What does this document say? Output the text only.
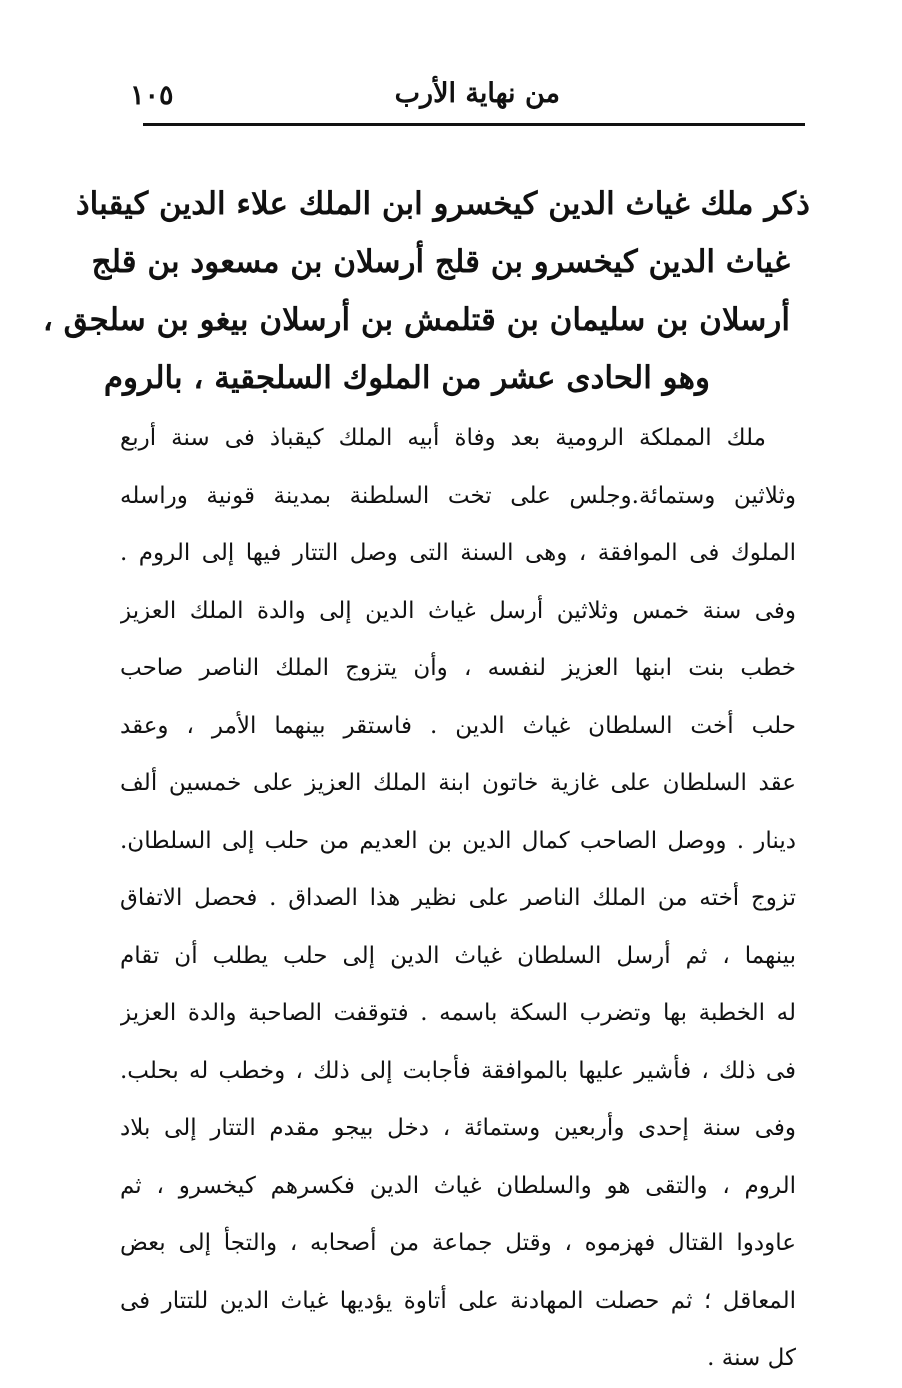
من نهاية الأرب
١٠٥
ذكر ملك غياث الدين كيخسرو ابن الملك علاء الدين كيقباذ
غياث الدين كيخسرو بن قلج أرسلان بن مسعود بن قلج
أرسلان بن سليمان بن قتلمش بن أرسلان بيغو بن سلجق ،
وهو الحادى عشر من الملوك السلجقية ، بالروم
ملك المملكة الرومية بعد وفاة أبيه الملك كيقباذ فى سنة أربع
وثلاثين وستمائة.وجلس على تخت السلطنة بمدينة قونية وراسله
الملوك فى الموافقة ، وهى السنة التى وصل التتار فيها إلى الروم .
وفى سنة خمس وثلاثين أرسل غياث الدين إلى والدة الملك العزيز
خطب بنت ابنها العزيز لنفسه ، وأن يتزوج الملك الناصر صاحب
حلب أخت السلطان غياث الدين . فاستقر بينهما الأمر ، وعقد
عقد السلطان على غازية خاتون ابنة الملك العزيز على خمسين ألف
دينار . ووصل الصاحب كمال الدين بن العديم من حلب إلى السلطان.
تزوج أخته من الملك الناصر على نظير هذا الصداق . فحصل الاتفاق
بينهما ، ثم أرسل السلطان غياث الدين إلى حلب يطلب أن تقام
له الخطبة بها وتضرب السكة باسمه . فتوقفت الصاحبة والدة العزيز
فى ذلك ، فأشير عليها بالموافقة فأجابت إلى ذلك ، وخطب له بحلب.
وفى سنة إحدى وأربعين وستمائة ، دخل بيجو مقدم التتار إلى بلاد
الروم ، والتقى هو والسلطان غياث الدين فكسرهم كيخسرو ، ثم
عاودوا القتال فهزموه ، وقتل جماعة من أصحابه ، والتجأ إلى بعض
المعاقل ؛ ثم حصلت المهادنة على أتاوة يؤديها غياث الدين للتتار فى
كل سنة .
